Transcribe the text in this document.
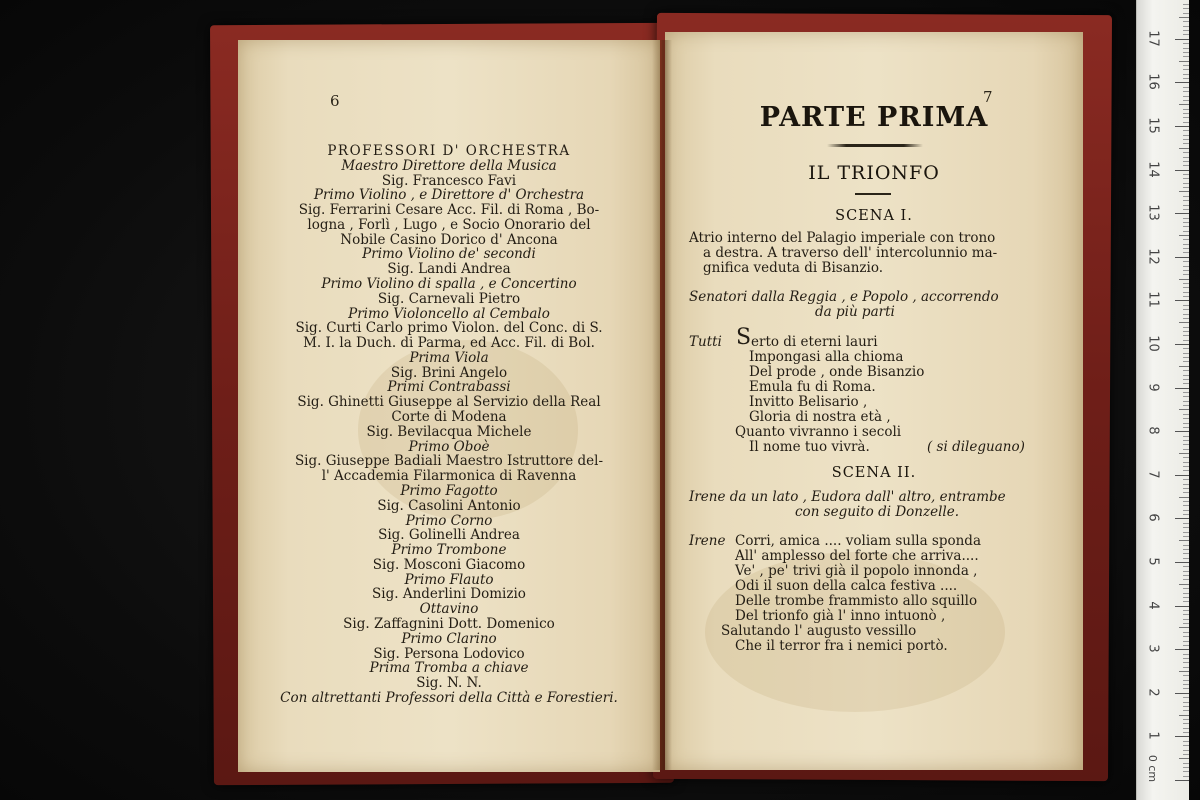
6
PROFESSORI D' ORCHESTRA
Maestro Direttore della Musica
Sig. Francesco Favi
Primo Violino , e Direttore d' Orchestra
Sig. Ferrarini Cesare Acc. Fil. di Roma , Bo-
logna , Forlì , Lugo , e Socio Onorario del
Nobile Casino Dorico d' Ancona
Primo Violino de' secondi
Sig. Landi Andrea
Primo Violino di spalla , e Concertino
Sig. Carnevali Pietro
Primo Violoncello al Cembalo
Sig. Curti Carlo primo Violon. del Conc. di S.
M. I. la Duch. di Parma, ed Acc. Fil. di Bol.
Prima Viola
Sig. Brini Angelo
Primi Contrabassi
Sig. Ghinetti Giuseppe al Servizio della Real
Corte di Modena
Sig. Bevilacqua Michele
Primo Oboè
Sig. Giuseppe Badiali Maestro Istruttore del-
l' Accademia Filarmonica di Ravenna
Primo Fagotto
Sig. Casolini Antonio
Primo Corno
Sig. Golinelli Andrea
Primo Trombone
Sig. Mosconi Giacomo
Primo Flauto
Sig. Anderlini Domizio
Ottavino
Sig. Zaffagnini Dott. Domenico
Primo Clarino
Sig. Persona Lodovico
Prima Tromba a chiave
Sig. N. N.
Con altrettanti Professori della Città e Forestieri.
7
PARTE PRIMA
IL TRIONFO
SCENA I.
Atrio interno del Palagio imperiale con trono
a destra. A traverso dell' intercolunnio ma-
gnifica veduta di Bisanzio.
Senatori dalla Reggia , e Popolo , accorrendo
da più parti
Tutti S erto di eterni lauri
Impongasi alla chioma
Del prode , onde Bisanzio
Emula fu di Roma.
Invitto Belisario ,
Gloria di nostra età ,
Quanto vivranno i secoli
Il nome tuo vivrà.	( si dileguano)
SCENA II.
Irene da un lato , Eudora dall' altro, entrambe
con seguito di Donzelle.
Irene Corri, amica .... voliam sulla sponda
All' amplesso del forte che arriva....
Ve' , pe' trivi già il popolo innonda ,
Odi il suon della calca festiva ....
Delle trombe frammisto allo squillo
Del trionfo già l' inno intuonò ,
Salutando l' augusto vessillo
Che il terror fra i nemici portò.
0 cm
17
16
15
14
13
12
11
10
9
8
7
6
5
4
3
2
1
